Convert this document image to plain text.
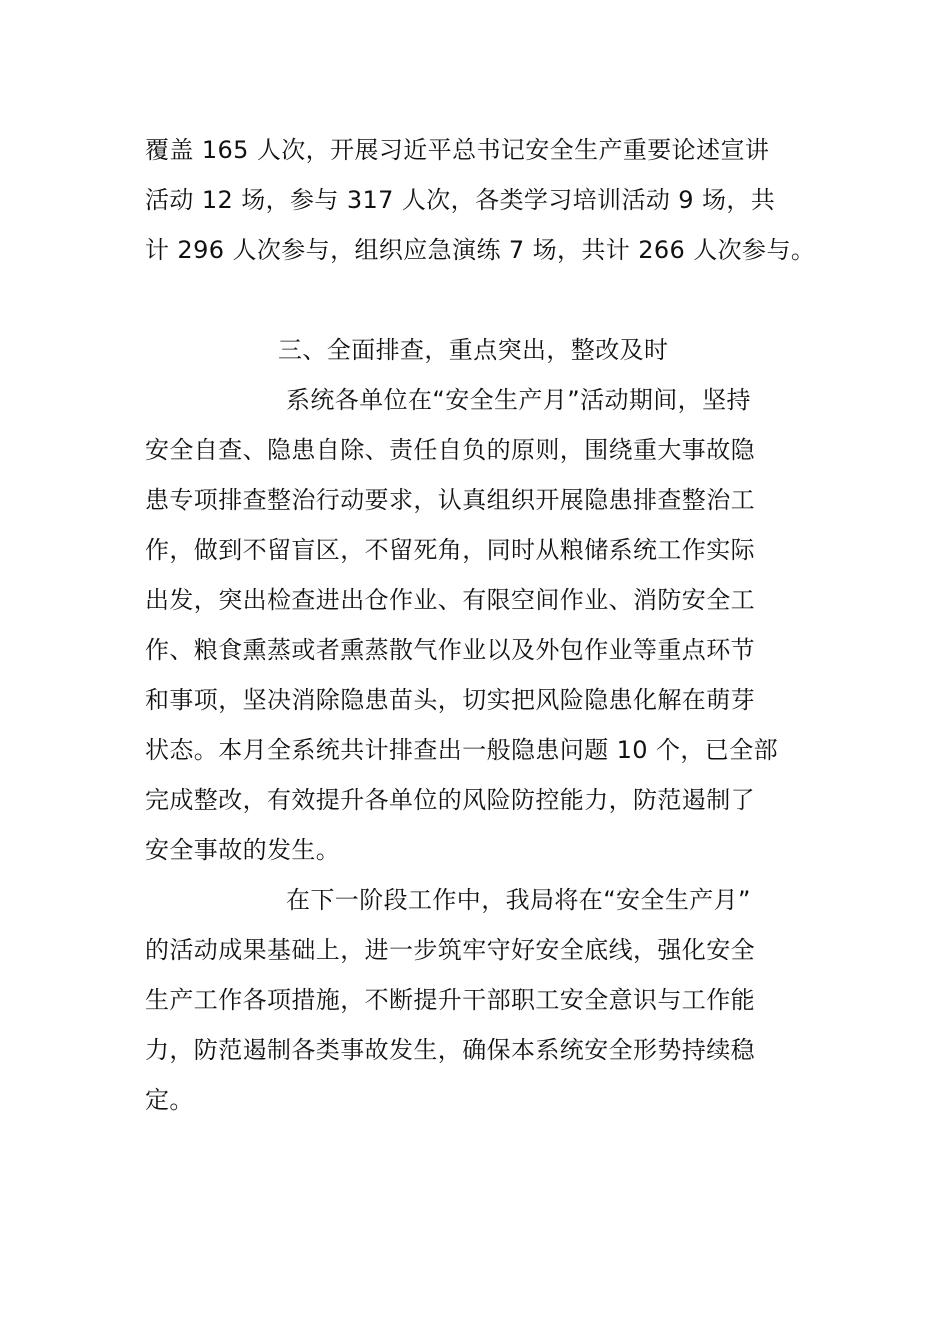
覆盖 165 人次，开展习近平总书记安全生产重要论述宣讲
活动 12 场，参与 317 人次，各类学习培训活动 9 场，共
计 296 人次参与，组织应急演练 7 场，共计 266 人次参与。
三、全面排查，重点突出，整改及时
系统各单位在“安全生产月”活动期间，坚持
安全自查、隐患自除、责任自负的原则，围绕重大事故隐
患专项排查整治行动要求，认真组织开展隐患排查整治工
作，做到不留盲区，不留死角，同时从粮储系统工作实际
出发，突出检查进出仓作业、有限空间作业、消防安全工
作、粮食熏蒸或者熏蒸散气作业以及外包作业等重点环节
和事项，坚决消除隐患苗头，切实把风险隐患化解在萌芽
状态。本月全系统共计排查出一般隐患问题 10 个，已全部
完成整改，有效提升各单位的风险防控能力，防范遏制了
安全事故的发生。
在下一阶段工作中，我局将在“安全生产月”
的活动成果基础上，进一步筑牢守好安全底线，强化安全
生产工作各项措施，不断提升干部职工安全意识与工作能
力，防范遏制各类事故发生，确保本系统安全形势持续稳
定。
